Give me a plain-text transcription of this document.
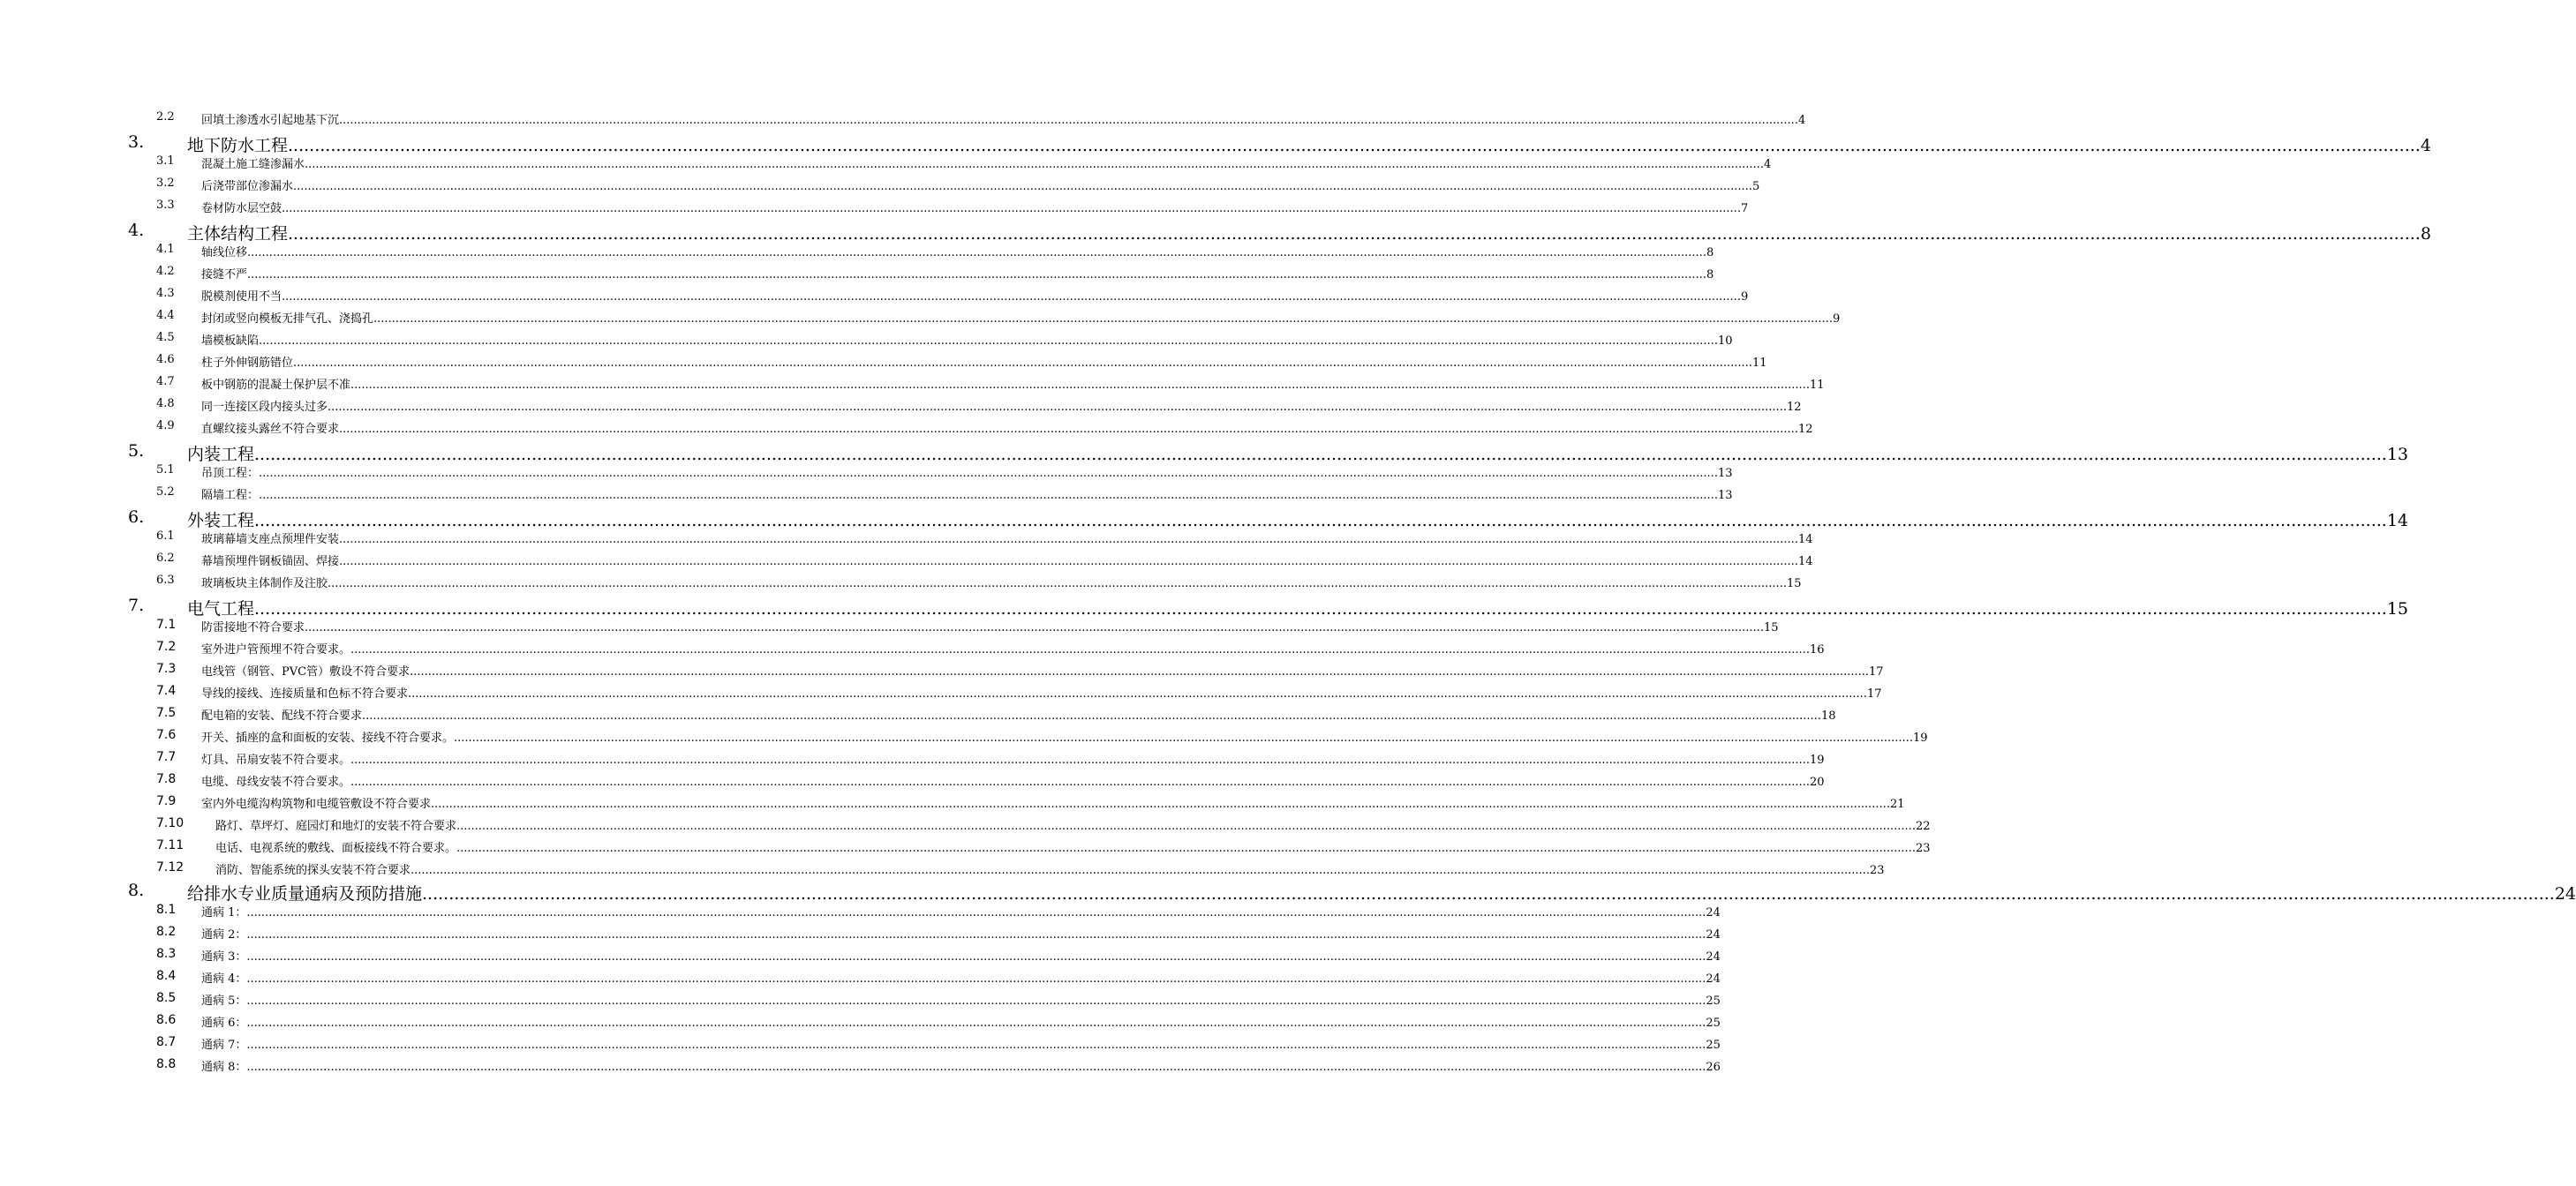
2.2 回填土渗透水引起地基下沉 ................................................................................................................................................................................................................................................................................................................................................................................................................ 4
3.	地下防水工程 ................................................................................................................................................................................................................................................................................................................................................................................................................ 4
3.1 混凝土施工缝渗漏水 ................................................................................................................................................................................................................................................................................................................................................................................................................ 4
3.2 后浇带部位渗漏水 ................................................................................................................................................................................................................................................................................................................................................................................................................ 5
3.3 卷材防水层空鼓 ................................................................................................................................................................................................................................................................................................................................................................................................................ 7
4.	主体结构工程 ................................................................................................................................................................................................................................................................................................................................................................................................................ 8
4.1 轴线位移 ................................................................................................................................................................................................................................................................................................................................................................................................................ 8
4.2 接缝不严 ................................................................................................................................................................................................................................................................................................................................................................................................................ 8
4.3 脱模剂使用不当 ................................................................................................................................................................................................................................................................................................................................................................................................................ 9
4.4 封闭或竖向模板无排气孔、浇捣孔 ................................................................................................................................................................................................................................................................................................................................................................................................................ 9
4.5 墙模板缺陷 ................................................................................................................................................................................................................................................................................................................................................................................................................ 10
4.6 柱子外伸钢筋错位 ................................................................................................................................................................................................................................................................................................................................................................................................................ 11
4.7 板中钢筋的混凝土保护层不准 ................................................................................................................................................................................................................................................................................................................................................................................................................ 11
4.8 同一连接区段内接头过多 ................................................................................................................................................................................................................................................................................................................................................................................................................ 12
4.9 直螺纹接头露丝不符合要求 ................................................................................................................................................................................................................................................................................................................................................................................................................ 12
5.	内装工程 ................................................................................................................................................................................................................................................................................................................................................................................................................ 13
5.1 吊顶工程： ................................................................................................................................................................................................................................................................................................................................................................................................................ 13
5.2 隔墙工程： ................................................................................................................................................................................................................................................................................................................................................................................................................ 13
6.	外装工程 ................................................................................................................................................................................................................................................................................................................................................................................................................ 14
6.1 玻璃幕墙支座点预埋件安装 ................................................................................................................................................................................................................................................................................................................................................................................................................ 14
6.2 幕墙预埋件钢板锚固、焊接 ................................................................................................................................................................................................................................................................................................................................................................................................................ 14
6.3 玻璃板块主体制作及注胶 ................................................................................................................................................................................................................................................................................................................................................................................................................ 15
7.	电气工程 ................................................................................................................................................................................................................................................................................................................................................................................................................ 15
7.1 防雷接地不符合要求 ................................................................................................................................................................................................................................................................................................................................................................................................................ 15
7.2 室外进户管预埋不符合要求。 ................................................................................................................................................................................................................................................................................................................................................................................................................ 16
7.3 电线管（钢管、PVC管）敷设不符合要求 ................................................................................................................................................................................................................................................................................................................................................................................................................ 17
7.4 导线的接线、连接质量和色标不符合要求 ................................................................................................................................................................................................................................................................................................................................................................................................................ 17
7.5 配电箱的安装、配线不符合要求 ................................................................................................................................................................................................................................................................................................................................................................................................................ 18
7.6 开关、插座的盒和面板的安装、接线不符合要求。 ................................................................................................................................................................................................................................................................................................................................................................................................................ 19
7.7 灯具、吊扇安装不符合要求。 ................................................................................................................................................................................................................................................................................................................................................................................................................ 19
7.8 电缆、母线安装不符合要求。 ................................................................................................................................................................................................................................................................................................................................................................................................................ 20
7.9 室内外电缆沟构筑物和电缆管敷设不符合要求 ................................................................................................................................................................................................................................................................................................................................................................................................................ 21
7.10	路灯、草坪灯、庭园灯和地灯的安装不符合要求 ................................................................................................................................................................................................................................................................................................................................................................................................................ 22
7.11	电话、电视系统的敷线、面板接线不符合要求。 ................................................................................................................................................................................................................................................................................................................................................................................................................ 23
7.12	消防、智能系统的探头安装不符合要求 ................................................................................................................................................................................................................................................................................................................................................................................................................ 23
8.	给排水专业质量通病及预防措施 ................................................................................................................................................................................................................................................................................................................................................................................................................ 24
8.1 通病 1： ................................................................................................................................................................................................................................................................................................................................................................................................................ 24
8.2 通病 2： ................................................................................................................................................................................................................................................................................................................................................................................................................ 24
8.3 通病 3： ................................................................................................................................................................................................................................................................................................................................................................................................................ 24
8.4 通病 4： ................................................................................................................................................................................................................................................................................................................................................................................................................ 24
8.5 通病 5： ................................................................................................................................................................................................................................................................................................................................................................................................................ 25
8.6 通病 6： ................................................................................................................................................................................................................................................................................................................................................................................................................ 25
8.7 通病 7： ................................................................................................................................................................................................................................................................................................................................................................................................................ 25
8.8 通病 8： ................................................................................................................................................................................................................................................................................................................................................................................................................ 26
